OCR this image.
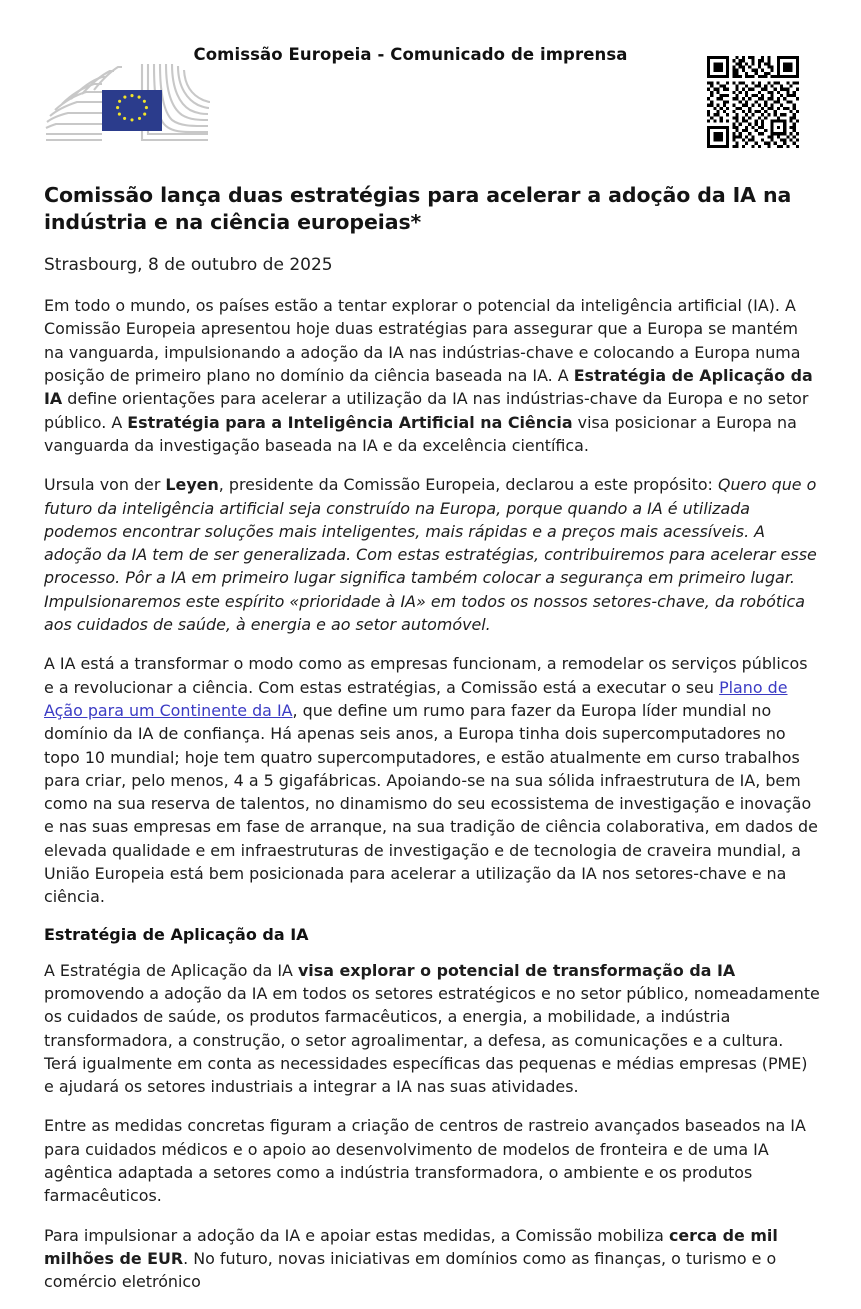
Comissão Europeia - Comunicado de imprensa
Comissão lança duas estratégias para acelerar a adoção da IA na indústria e na ciência europeias*
Strasbourg, 8 de outubro de 2025

Em todo o mundo, os países estão a tentar explorar o potencial da inteligência artificial (IA). A Comissão Europeia apresentou hoje duas estratégias para assegurar que a Europa se mantém na vanguarda, impulsionando a adoção da IA nas indústrias-chave e colocando a Europa numa posição de primeiro plano no domínio da ciência baseada na IA. A Estratégia de Aplicação da IA define orientações para acelerar a utilização da IA nas indústrias-chave da Europa e no setor público. A Estratégia para a Inteligência Artificial na Ciência visa posicionar a Europa na vanguarda da investigação baseada na IA e da excelência científica.

Ursula von der Leyen, presidente da Comissão Europeia, declarou a este propósito: Quero que o futuro da inteligência artificial seja construído na Europa, porque quando a IA é utilizada podemos encontrar soluções mais inteligentes, mais rápidas e a preços mais acessíveis. A adoção da IA tem de ser generalizada. Com estas estratégias, contribuiremos para acelerar esse processo. Pôr a IA em primeiro lugar significa também colocar a segurança em primeiro lugar. Impulsionaremos este espírito «prioridade à IA» em todos os nossos setores-chave, da robótica aos cuidados de saúde, à energia e ao setor automóvel.

A IA está a transformar o modo como as empresas funcionam, a remodelar os serviços públicos e a revolucionar a ciência. Com estas estratégias, a Comissão está a executar o seu Plano de Ação para um Continente da IA, que define um rumo para fazer da Europa líder mundial no domínio da IA de confiança. Há apenas seis anos, a Europa tinha dois supercomputadores no topo 10 mundial; hoje tem quatro supercomputadores, e estão atualmente em curso trabalhos para criar, pelo menos, 4 a 5 gigafábricas. Apoiando-se na sua sólida infraestrutura de IA, bem como na sua reserva de talentos, no dinamismo do seu ecossistema de investigação e inovação e nas suas empresas em fase de arranque, na sua tradição de ciência colaborativa, em dados de elevada qualidade e em infraestruturas de investigação e de tecnologia de craveira mundial, a União Europeia está bem posicionada para acelerar a utilização da IA nos setores-chave e na ciência.

Estratégia de Aplicação da IA

A Estratégia de Aplicação da IA visa explorar o potencial de transformação da IA promovendo a adoção da IA em todos os setores estratégicos e no setor público, nomeadamente os cuidados de saúde, os produtos farmacêuticos, a energia, a mobilidade, a indústria transformadora, a construção, o setor agroalimentar, a defesa, as comunicações e a cultura. Terá igualmente em conta as necessidades específicas das pequenas e médias empresas (PME) e ajudará os setores industriais a integrar a IA nas suas atividades.

Entre as medidas concretas figuram a criação de centros de rastreio avançados baseados na IA para cuidados médicos e o apoio ao desenvolvimento de modelos de fronteira e de uma IA agêntica adaptada a setores como a indústria transformadora, o ambiente e os produtos farmacêuticos.

Para impulsionar a adoção da IA e apoiar estas medidas, a Comissão mobiliza cerca de mil milhões de EUR. No futuro, novas iniciativas em domínios como as finanças, o turismo e o comércio eletrónico
